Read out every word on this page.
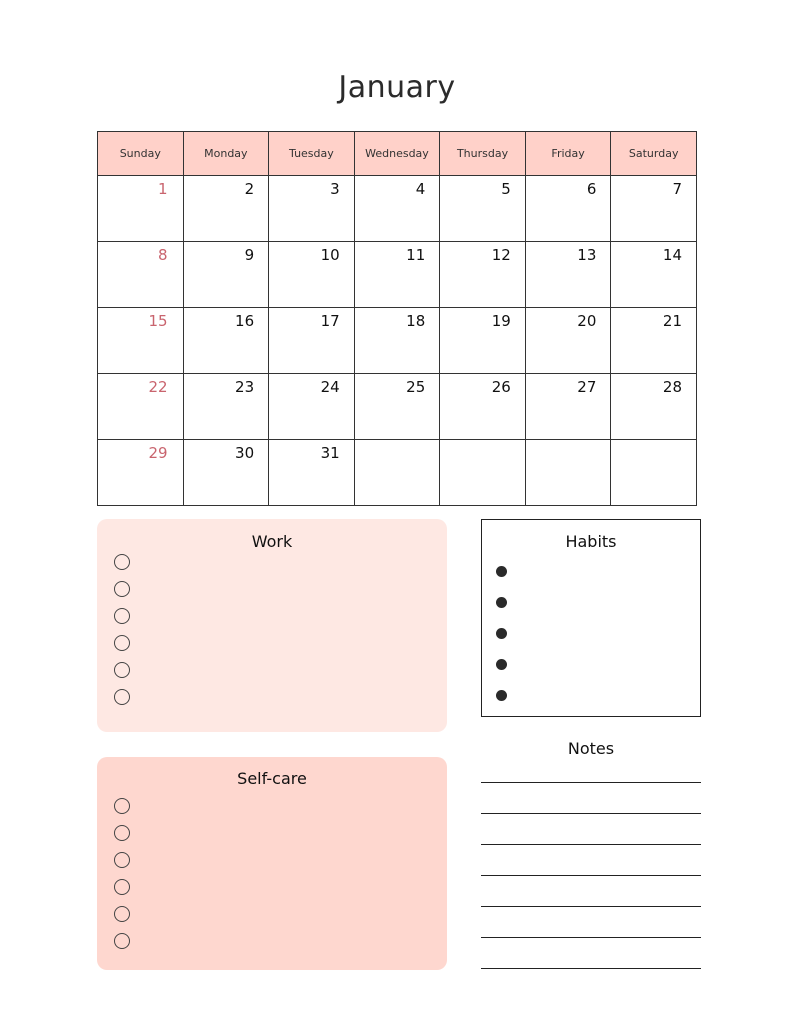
January
Sunday	Monday	Tuesday	Wednesday	Thursday	Friday	Saturday
1	2	3	4	5	6	7
8	9	10	11	12	13	14
15	16	17	18	19	20	21
22	23	24	25	26	27	28
29	30	31				
Work
Self-care
Habits
Notes
